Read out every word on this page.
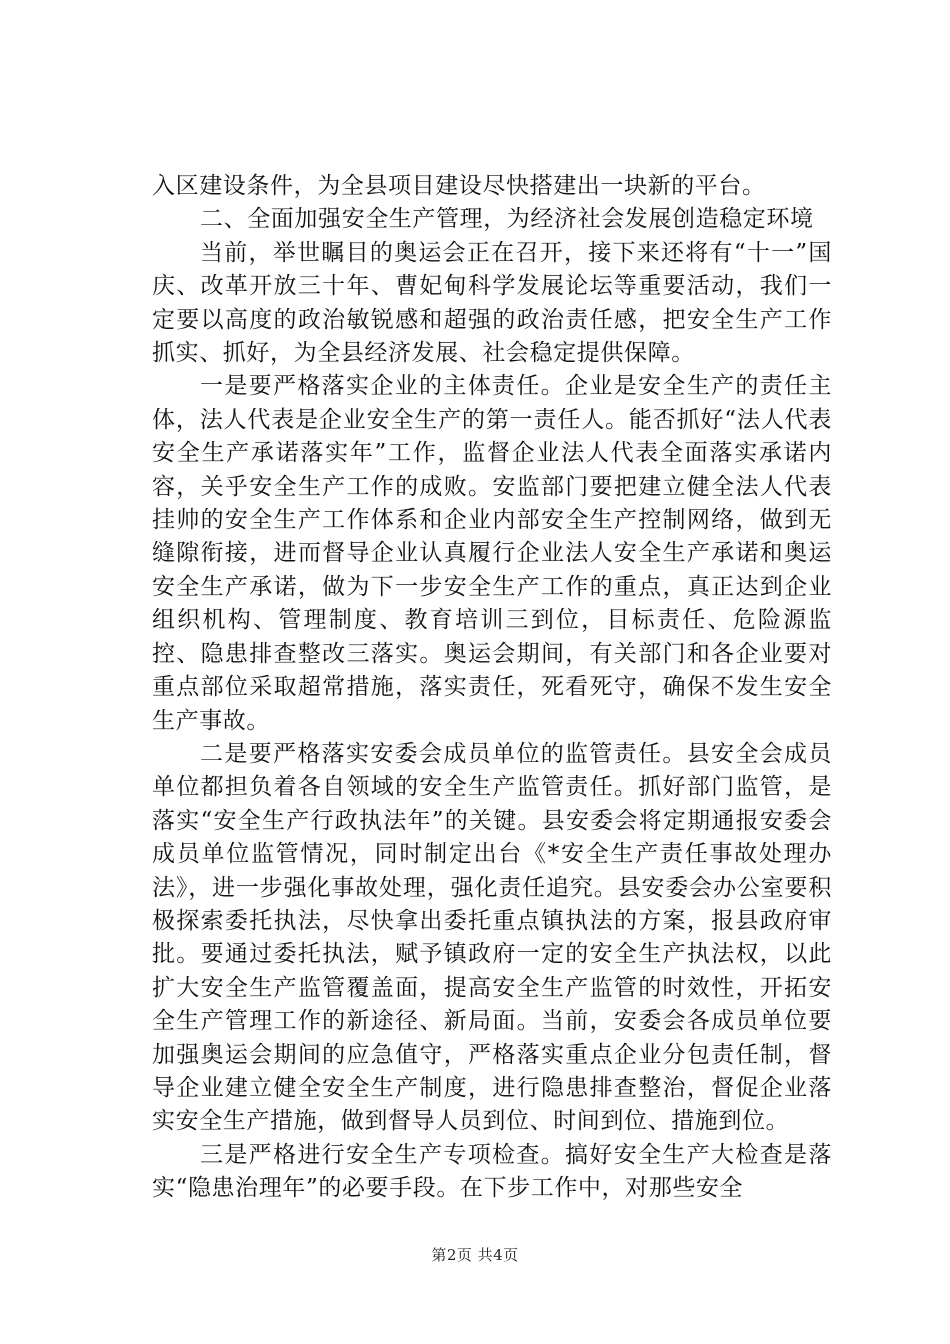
入区建设条件，为全县项目建设尽快搭建出一块新的平台。

二、全面加强安全生产管理，为经济社会发展创造稳定环境

当前，举世瞩目的奥运会正在召开，接下来还将有“十一”国庆、改革开放三十年、曹妃甸科学发展论坛等重要活动，我们一定要以高度的政治敏锐感和超强的政治责任感，把安全生产工作抓实、抓好，为全县经济发展、社会稳定提供保障。

一是要严格落实企业的主体责任。企业是安全生产的责任主体，法人代表是企业安全生产的第一责任人。能否抓好“法人代表安全生产承诺落实年”工作，监督企业法人代表全面落实承诺内容，关乎安全生产工作的成败。安监部门要把建立健全法人代表挂帅的安全生产工作体系和企业内部安全生产控制网络，做到无缝隙衔接，进而督导企业认真履行企业法人安全生产承诺和奥运安全生产承诺，做为下一步安全生产工作的重点，真正达到企业组织机构、管理制度、教育培训三到位，目标责任、危险源监控、隐患排查整改三落实。奥运会期间，有关部门和各企业要对重点部位采取超常措施，落实责任，死看死守，确保不发生安全生产事故。

二是要严格落实安委会成员单位的监管责任。县安全会成员单位都担负着各自领域的安全生产监管责任。抓好部门监管，是落实“安全生产行政执法年”的关键。县安委会将定期通报安委会成员单位监管情况，同时制定出台《*安全生产责任事故处理办法》，进一步强化事故处理，强化责任追究。县安委会办公室要积极探索委托执法，尽快拿出委托重点镇执法的方案，报县政府审批。要通过委托执法，赋予镇政府一定的安全生产执法权，以此扩大安全生产监管覆盖面，提高安全生产监管的时效性，开拓安全生产管理工作的新途径、新局面。当前，安委会各成员单位要加强奥运会期间的应急值守，严格落实重点企业分包责任制，督导企业建立健全安全生产制度，进行隐患排查整治，督促企业落实安全生产措施，做到督导人员到位、时间到位、措施到位。

三是严格进行安全生产专项检查。搞好安全生产大检查是落实“隐患治理年”的必要手段。在下步工作中，对那些安全

第2页 共4页
